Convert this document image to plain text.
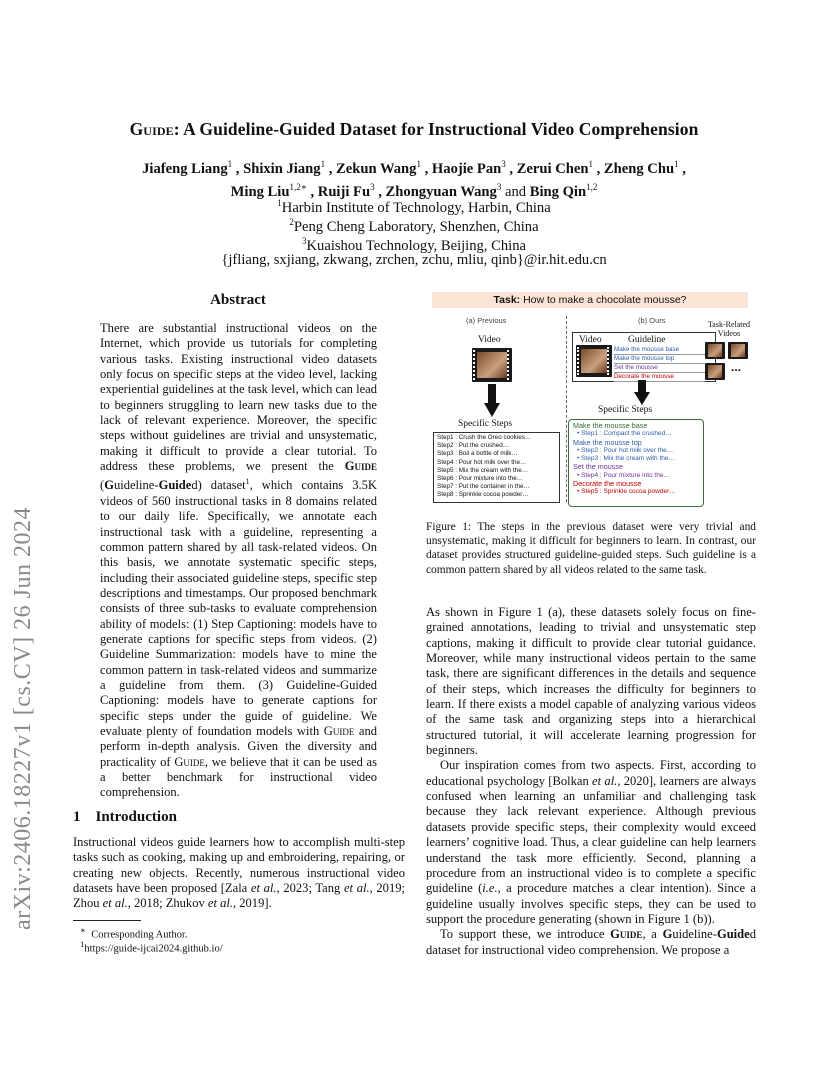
Guide: A Guideline-Guided Dataset for Instructional Video Comprehension
Jiafeng Liang$^1$ , Shixin Jiang$^1$ , Zekun Wang$^1$ , Haojie Pan$^3$ , Zerui Chen$^1$ , Zheng Chu$^1$ ,
Ming Liu$^{1,2∗}$ , Ruiji Fu$^3$ , Zhongyuan Wang$^3$ and Bing Qin$^{1,2}$
$^1$Harbin Institute of Technology, Harbin, China
$^2$Peng Cheng Laboratory, Shenzhen, China
$^3$Kuaishou Technology, Beijing, China
{jfliang, sxjiang, zkwang, zrchen, zchu, mliu, qinb}@ir.hit.edu.cn
arXiv:2406.18227v1 [cs.CV] 26 Jun 2024
Abstract

There are substantial instructional videos on the Internet, which provide us tutorials for completing various tasks. Existing instructional video datasets only focus on specific steps at the video level, lacking experiential guidelines at the task level, which can lead to beginners struggling to learn new tasks due to the lack of relevant experience. Moreover, the specific steps without guidelines are trivial and unsystematic, making it difficult to provide a clear tutorial. To address these problems, we present the Guide (Guideline-Guided) dataset$^1$, which contains 3.5K videos of 560 instructional tasks in 8 domains related to our daily life. Specifically, we annotate each instructional task with a guideline, representing a common pattern shared by all task-related videos. On this basis, we annotate systematic specific steps, including their associated guideline steps, specific step descriptions and timestamps. Our proposed benchmark consists of three sub-tasks to evaluate comprehension ability of models: (1) Step Captioning: models have to generate captions for specific steps from videos. (2) Guideline Summarization: models have to mine the common pattern in task-related videos and summarize a guideline from them. (3) Guideline-Guided Captioning: models have to generate captions for specific steps under the guide of guideline. We evaluate plenty of foundation models with Guide and perform in-depth analysis. Given the diversity and practicality of Guide, we believe that it can be used as a better benchmark for instructional video comprehension.

1 Introduction

Instructional videos guide learners how to accomplish multi-step tasks such as cooking, making up and embroidering, repairing, or creating new objects. Recently, numerous instructional video datasets have been proposed [Zala et al., 2023; Tang et al., 2019; Zhou et al., 2018; Zhukov et al., 2019].

∗ Corresponding Author.
$^1$https://guide-ijcai2024.github.io/
Task: How to make a chocolate mousse?
(a) Previous	(b) Ours
Video
Specific Steps
Step1 : Crush the Oreo cookies…
Step2 : Put the crushed…
Step3 : Boil a bottle of milk…
Step4 : Pour hot milk over the…
Step5 : Mix the cream with the…
Step6 : Pour mixture into the…
Step7 : Put the container in the…
Step8 : Sprinkle cocoa powder…
Video	Guideline
Make the mousse base
Make the mousse top
Set the mousse
Decorate the mousse
Task-Related Videos
...
Specific Steps
Make the mousse base
• Step1 : Compact the crushed…
Make the mousse top
• Step2 : Pour hot milk over the…
• Step3 : Mix the cream with the…
Set the mousse
• Step4 : Pour mixture into the…
Decorate the mousse
• Step5 : Sprinkle cocoa powder…
Figure 1: The steps in the previous dataset were very trivial and unsystematic, making it difficult for beginners to learn. In contrast, our dataset provides structured guideline-guided steps. Such guideline is a common pattern shared by all videos related to the same task.

As shown in Figure 1 (a), these datasets solely focus on fine-grained annotations, leading to trivial and unsystematic step captions, making it difficult to provide clear tutorial guidance. Moreover, while many instructional videos pertain to the same task, there are significant differences in the details and sequence of their steps, which increases the difficulty for beginners to learn. If there exists a model capable of analyzing various videos of the same task and organizing steps into a hierarchical structured tutorial, it will accelerate learning progression for beginners.

Our inspiration comes from two aspects. First, according to educational psychology [Bolkan et al., 2020], learners are always confused when learning an unfamiliar and challenging task because they lack relevant experience. Although previous datasets provide specific steps, their complexity would exceed learners’ cognitive load. Thus, a clear guideline can help learners understand the task more efficiently. Second, planning a procedure from an instructional video is to complete a specific guideline (i.e., a procedure matches a clear intention). Since a guideline usually involves specific steps, they can be used to support the procedure generating (shown in Figure 1 (b)).

To support these, we introduce Guide, a Guideline-Guided dataset for instructional video comprehension. We propose a
